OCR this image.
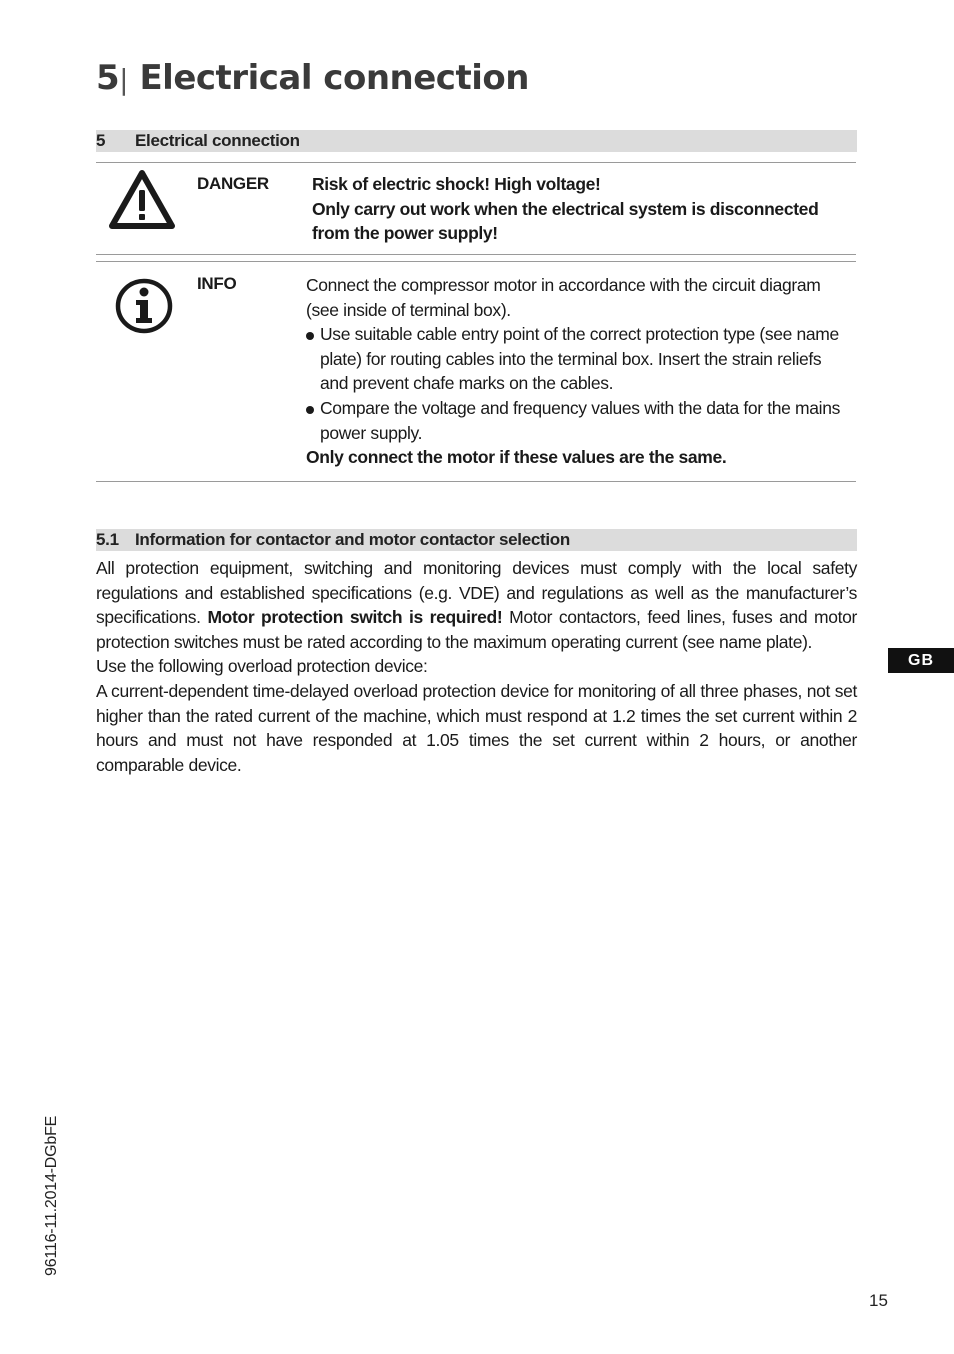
5| Electrical connection
5 Electrical connection
DANGER Risk of electric shock! High voltage!
Only carry out work when the electrical system is disconnected from the power supply!
INFO	Connect the compressor motor in accordance with the circuit diagram (see inside of terminal box).
Use suitable cable entry point of the correct protection type (see name plate) for routing cables into the terminal box. Insert the strain reliefs and prevent chafe marks on the cables.
Compare the voltage and frequency values with the data for the mains power supply.
Only connect the motor if these values are the same.
5.1 Information for contactor and motor contactor selection

All protection equipment, switching and monitoring devices must comply with the local safety regulations and established specifications (e.g. VDE) and regulations as well as the manufacturer’s specifications. Motor protection switch is required! Motor contactors, feed lines, fuses and motor protection switches must be rated according to the maximum operating current (see name plate).

Use the following overload protection device:

A current-dependent time-delayed overload protection device for monitoring of all three phases, not set higher than the rated current of the machine, which must respond at 1.2 times the set current within 2 hours and must not have responded at 1.05 times the set current within 2 hours, or another comparable device.

GB
96116-11.2014-DGbFE
15
